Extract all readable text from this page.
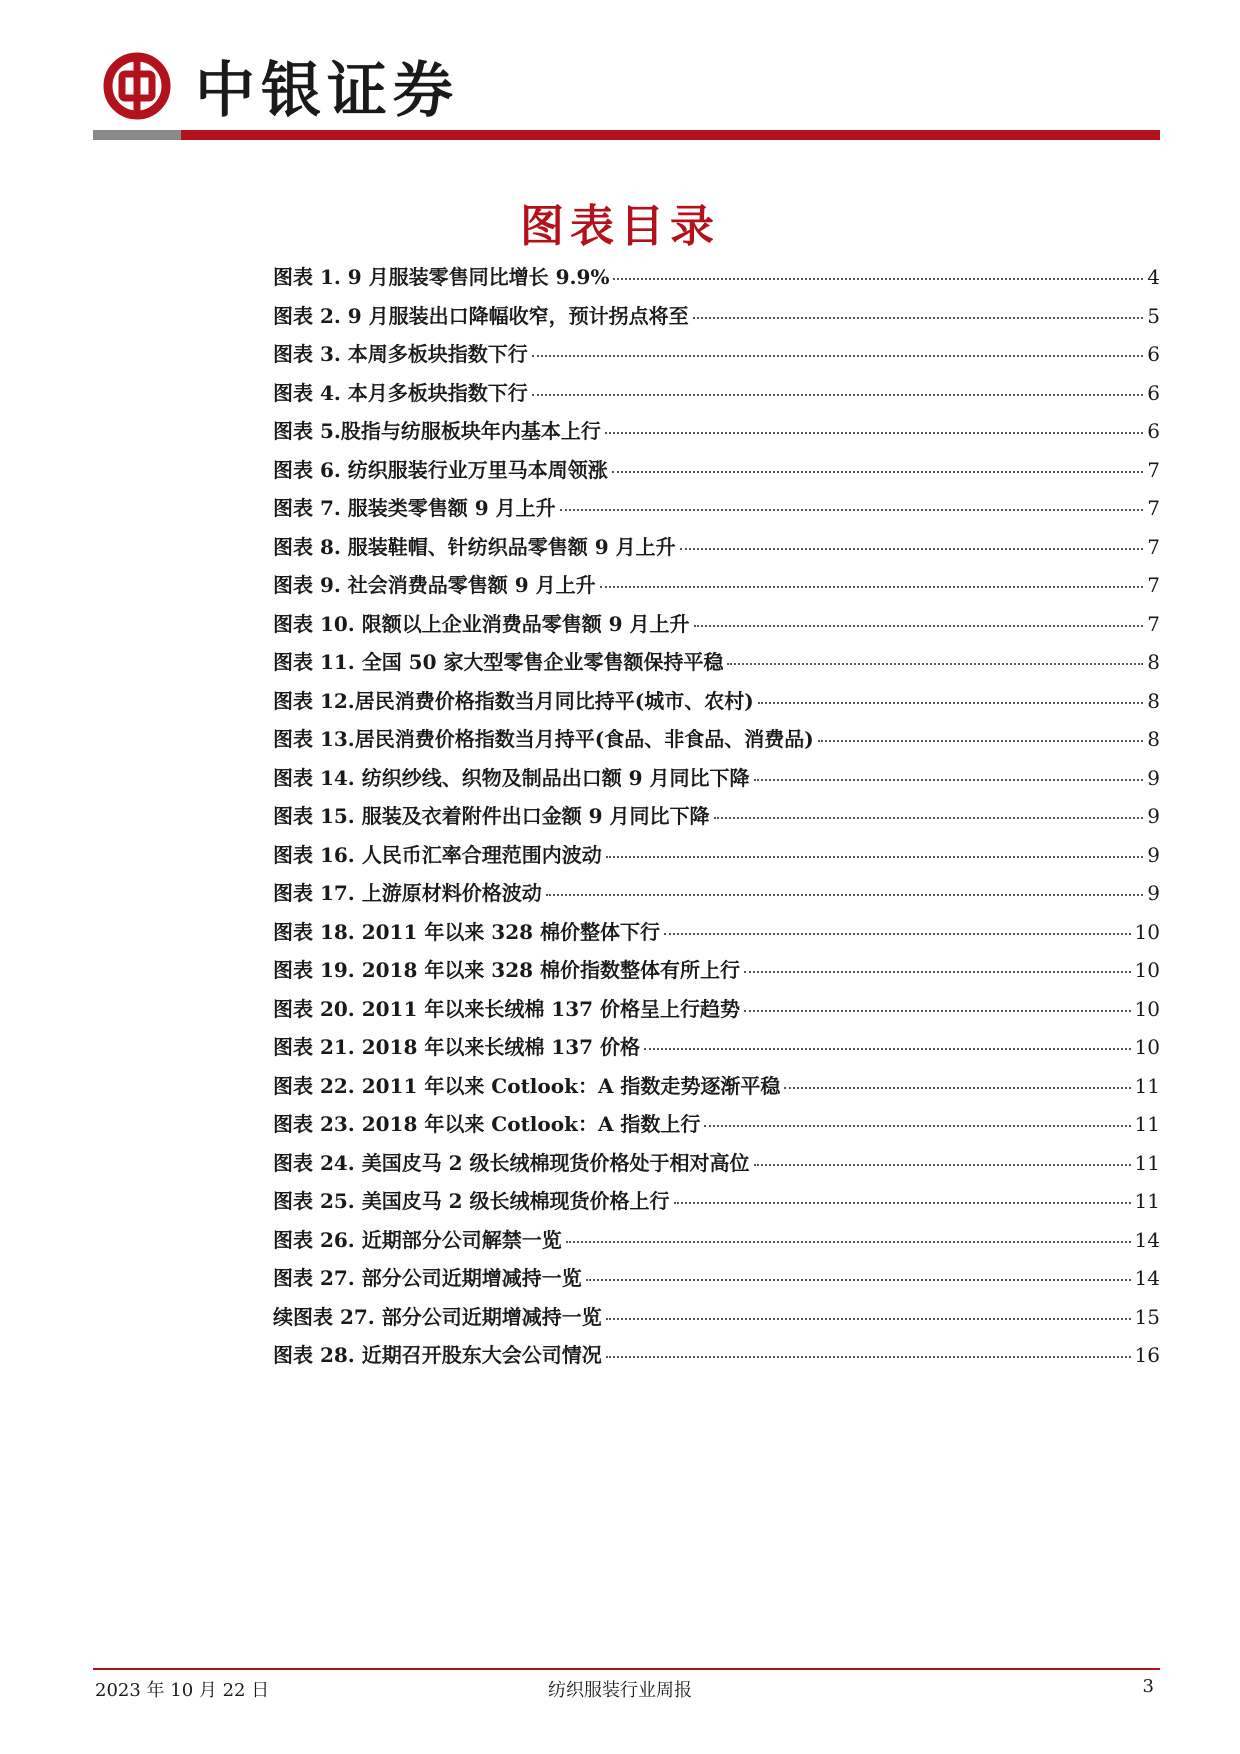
中银证券
图表目录
图表 1. 9 月服装零售同比增长 9.9%	4
图表 2. 9 月服装出口降幅收窄，预计拐点将至	5
图表 3. 本周多板块指数下行	6
图表 4. 本月多板块指数下行	6
图表 5.股指与纺服板块年内基本上行	6
图表 6. 纺织服装行业万里马本周领涨	7
图表 7. 服装类零售额 9 月上升	7
图表 8. 服装鞋帽、针纺织品零售额 9 月上升	7
图表 9. 社会消费品零售额 9 月上升	7
图表 10. 限额以上企业消费品零售额 9 月上升	7
图表 11. 全国 50 家大型零售企业零售额保持平稳	8
图表 12.居民消费价格指数当月同比持平(城市、农村)	8
图表 13.居民消费价格指数当月持平(食品、非食品、消费品)	8
图表 14. 纺织纱线、织物及制品出口额 9 月同比下降	9
图表 15. 服装及衣着附件出口金额 9 月同比下降	9
图表 16. 人民币汇率合理范围内波动	9
图表 17. 上游原材料价格波动	9
图表 18. 2011 年以来 328 棉价整体下行	10
图表 19. 2018 年以来 328 棉价指数整体有所上行	10
图表 20. 2011 年以来长绒棉 137 价格呈上行趋势	10
图表 21. 2018 年以来长绒棉 137 价格	10
图表 22. 2011 年以来 Cotlook：A 指数走势逐渐平稳	11
图表 23. 2018 年以来 Cotlook：A 指数上行	11
图表 24. 美国皮马 2 级长绒棉现货价格处于相对高位	11
图表 25. 美国皮马 2 级长绒棉现货价格上行	11
图表 26. 近期部分公司解禁一览	14
图表 27. 部分公司近期增减持一览	14
续图表 27. 部分公司近期增减持一览	15
图表 28. 近期召开股东大会公司情况	16
2023 年 10 月 22 日	纺织服装行业周报	3
